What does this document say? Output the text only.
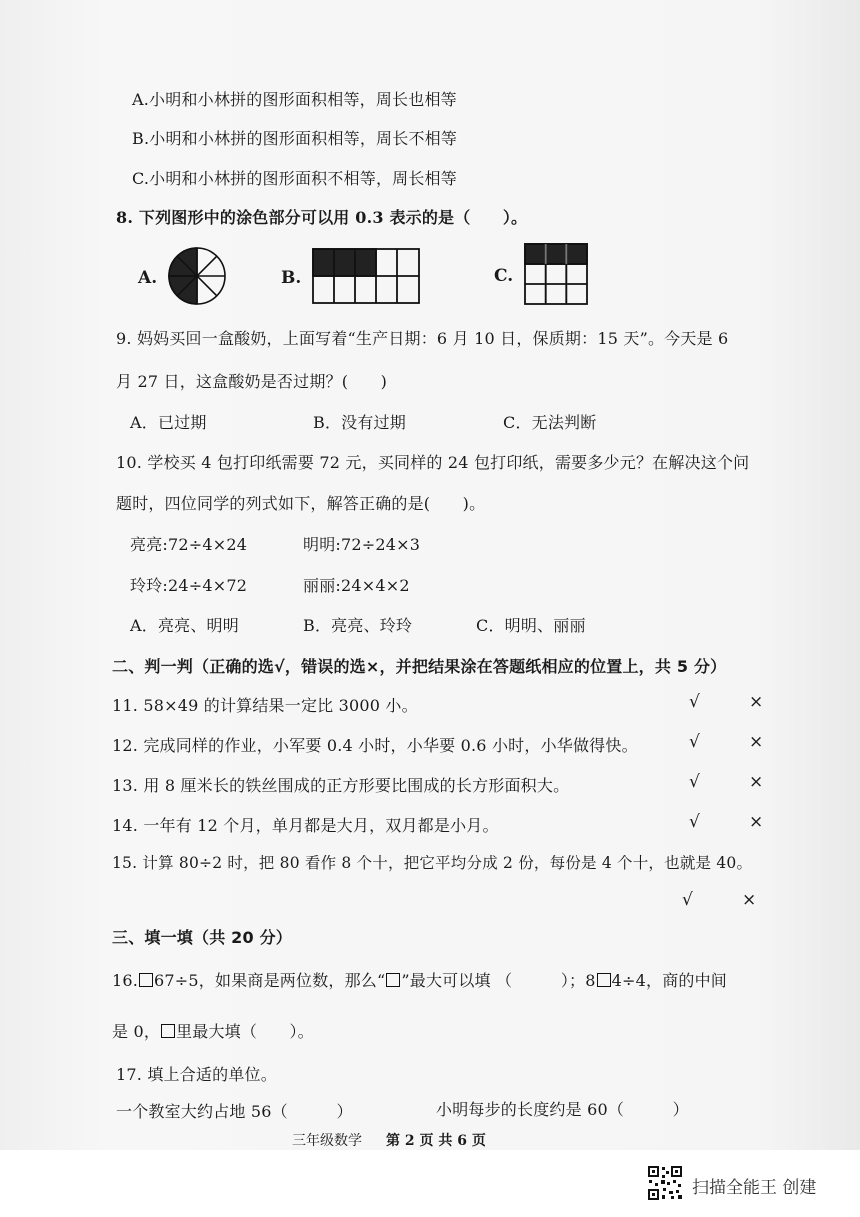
A.小明和小林拼的图形面积相等，周长也相等
B.小明和小林拼的图形面积相等，周长不相等
C.小明和小林拼的图形面积不相等，周长相等
8. 下列图形中的涂色部分可以用 0.3 表示的是（　　）。
A.	B.	C.
9. 妈妈买回一盒酸奶，上面写着“生产日期：6 月 10 日，保质期：15 天”。今天是 6
月 27 日，这盒酸奶是否过期？(　　)
A．已过期	B．没有过期	C．无法判断
10. 学校买 4 包打印纸需要 72 元，买同样的 24 包打印纸，需要多少元？在解决这个问
题时，四位同学的列式如下，解答正确的是(　　)。
亮亮:72÷4×24	明明:72÷24×3
玲玲:24÷4×72	丽丽:24×4×2
A．亮亮、明明	B．亮亮、玲玲	C．明明、丽丽
二、判一判（正确的选√，错误的选×，并把结果涂在答题纸相应的位置上，共 5 分）
11. 58×49 的计算结果一定比 3000 小。	√	×
12. 完成同样的作业，小军要 0.4 小时，小华要 0.6 小时，小华做得快。	√	×
13. 用 8 厘米长的铁丝围成的正方形要比围成的长方形面积大。	√	×
14. 一年有 12 个月，单月都是大月，双月都是小月。	√	×
15. 计算 80÷2 时，把 80 看作 8 个十，把它平均分成 2 份，每份是 4 个十，也就是 40。
√	×
三、填一填（共 20 分）
16. 67÷5，如果商是两位数，那么“ ”最大可以填 （　　　）；8 4÷4，商的中间
是 0， 里最大填（　　）。
17. 填上合适的单位。
一个教室大约占地 56（　　　）	小明每步的长度约是 60（　　　）
三年级数学 第 2 页 共 6 页
扫描全能王 创建
